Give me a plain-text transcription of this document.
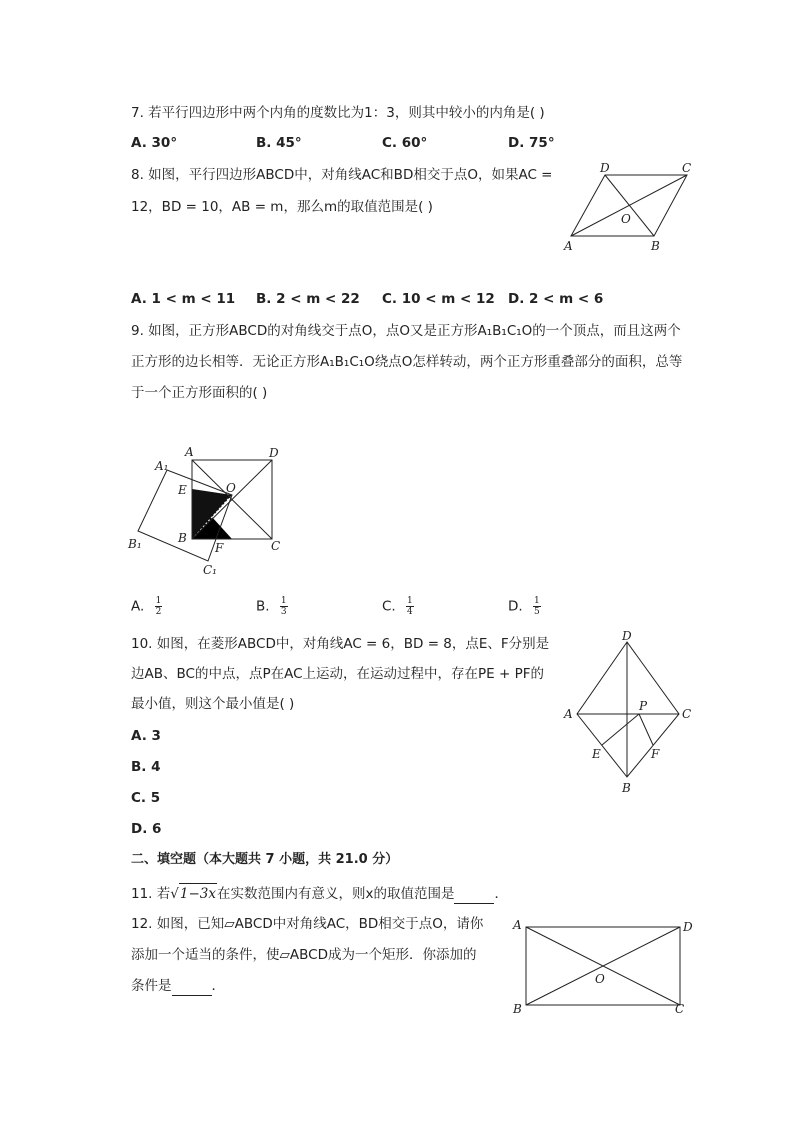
7. 若平行四边形中两个内角的度数比为1：3，则其中较小的内角是( )
A. 30°	B. 45°	C. 60°	D. 75°
8. 如图，平行四边形ABCD中，对角线AC和BD相交于点O，如果AC =
12，BD = 10，AB = m，那么m的取值范围是( )
D	C
O
A	B
A. 1 < m < 11 B. 2 < m < 22 C. 10 < m < 12 D. 2 < m < 6
9. 如图，正方形ABCD的对角线交于点O，点O又是正方形A₁B₁C₁O的一个顶点，而且这两个
正方形的边长相等．无论正方形A₁B₁C₁O绕点O怎样转动，两个正方形重叠部分的面积，总等
于一个正方形面积的( )
A	D
A₁
E	O
B
F	C
B₁
C₁
A. $\frac{1}{2}$	B. $\frac{1}{3}$	C. $\frac{1}{4}$	D. $\frac{1}{5}$
10. 如图，在菱形ABCD中，对角线AC = 6，BD = 8，点E、F分别是
边AB、BC的中点，点P在AC上运动，在运动过程中，存在PE + PF的
最小值，则这个最小值是( )
D
A
P
C
E	F
B
A. 3
B. 4
C. 5
D. 6
二、填空题（本大题共 7 小题，共 21.0 分）
11. 若√1−3x在实数范围内有意义，则x的取值范围是	．
12. 如图，已知▱ABCD中对角线AC，BD相交于点O，请你
添加一个适当的条件，使▱ABCD成为一个矩形．你添加的
条件是	．
A	D
O
B	C
